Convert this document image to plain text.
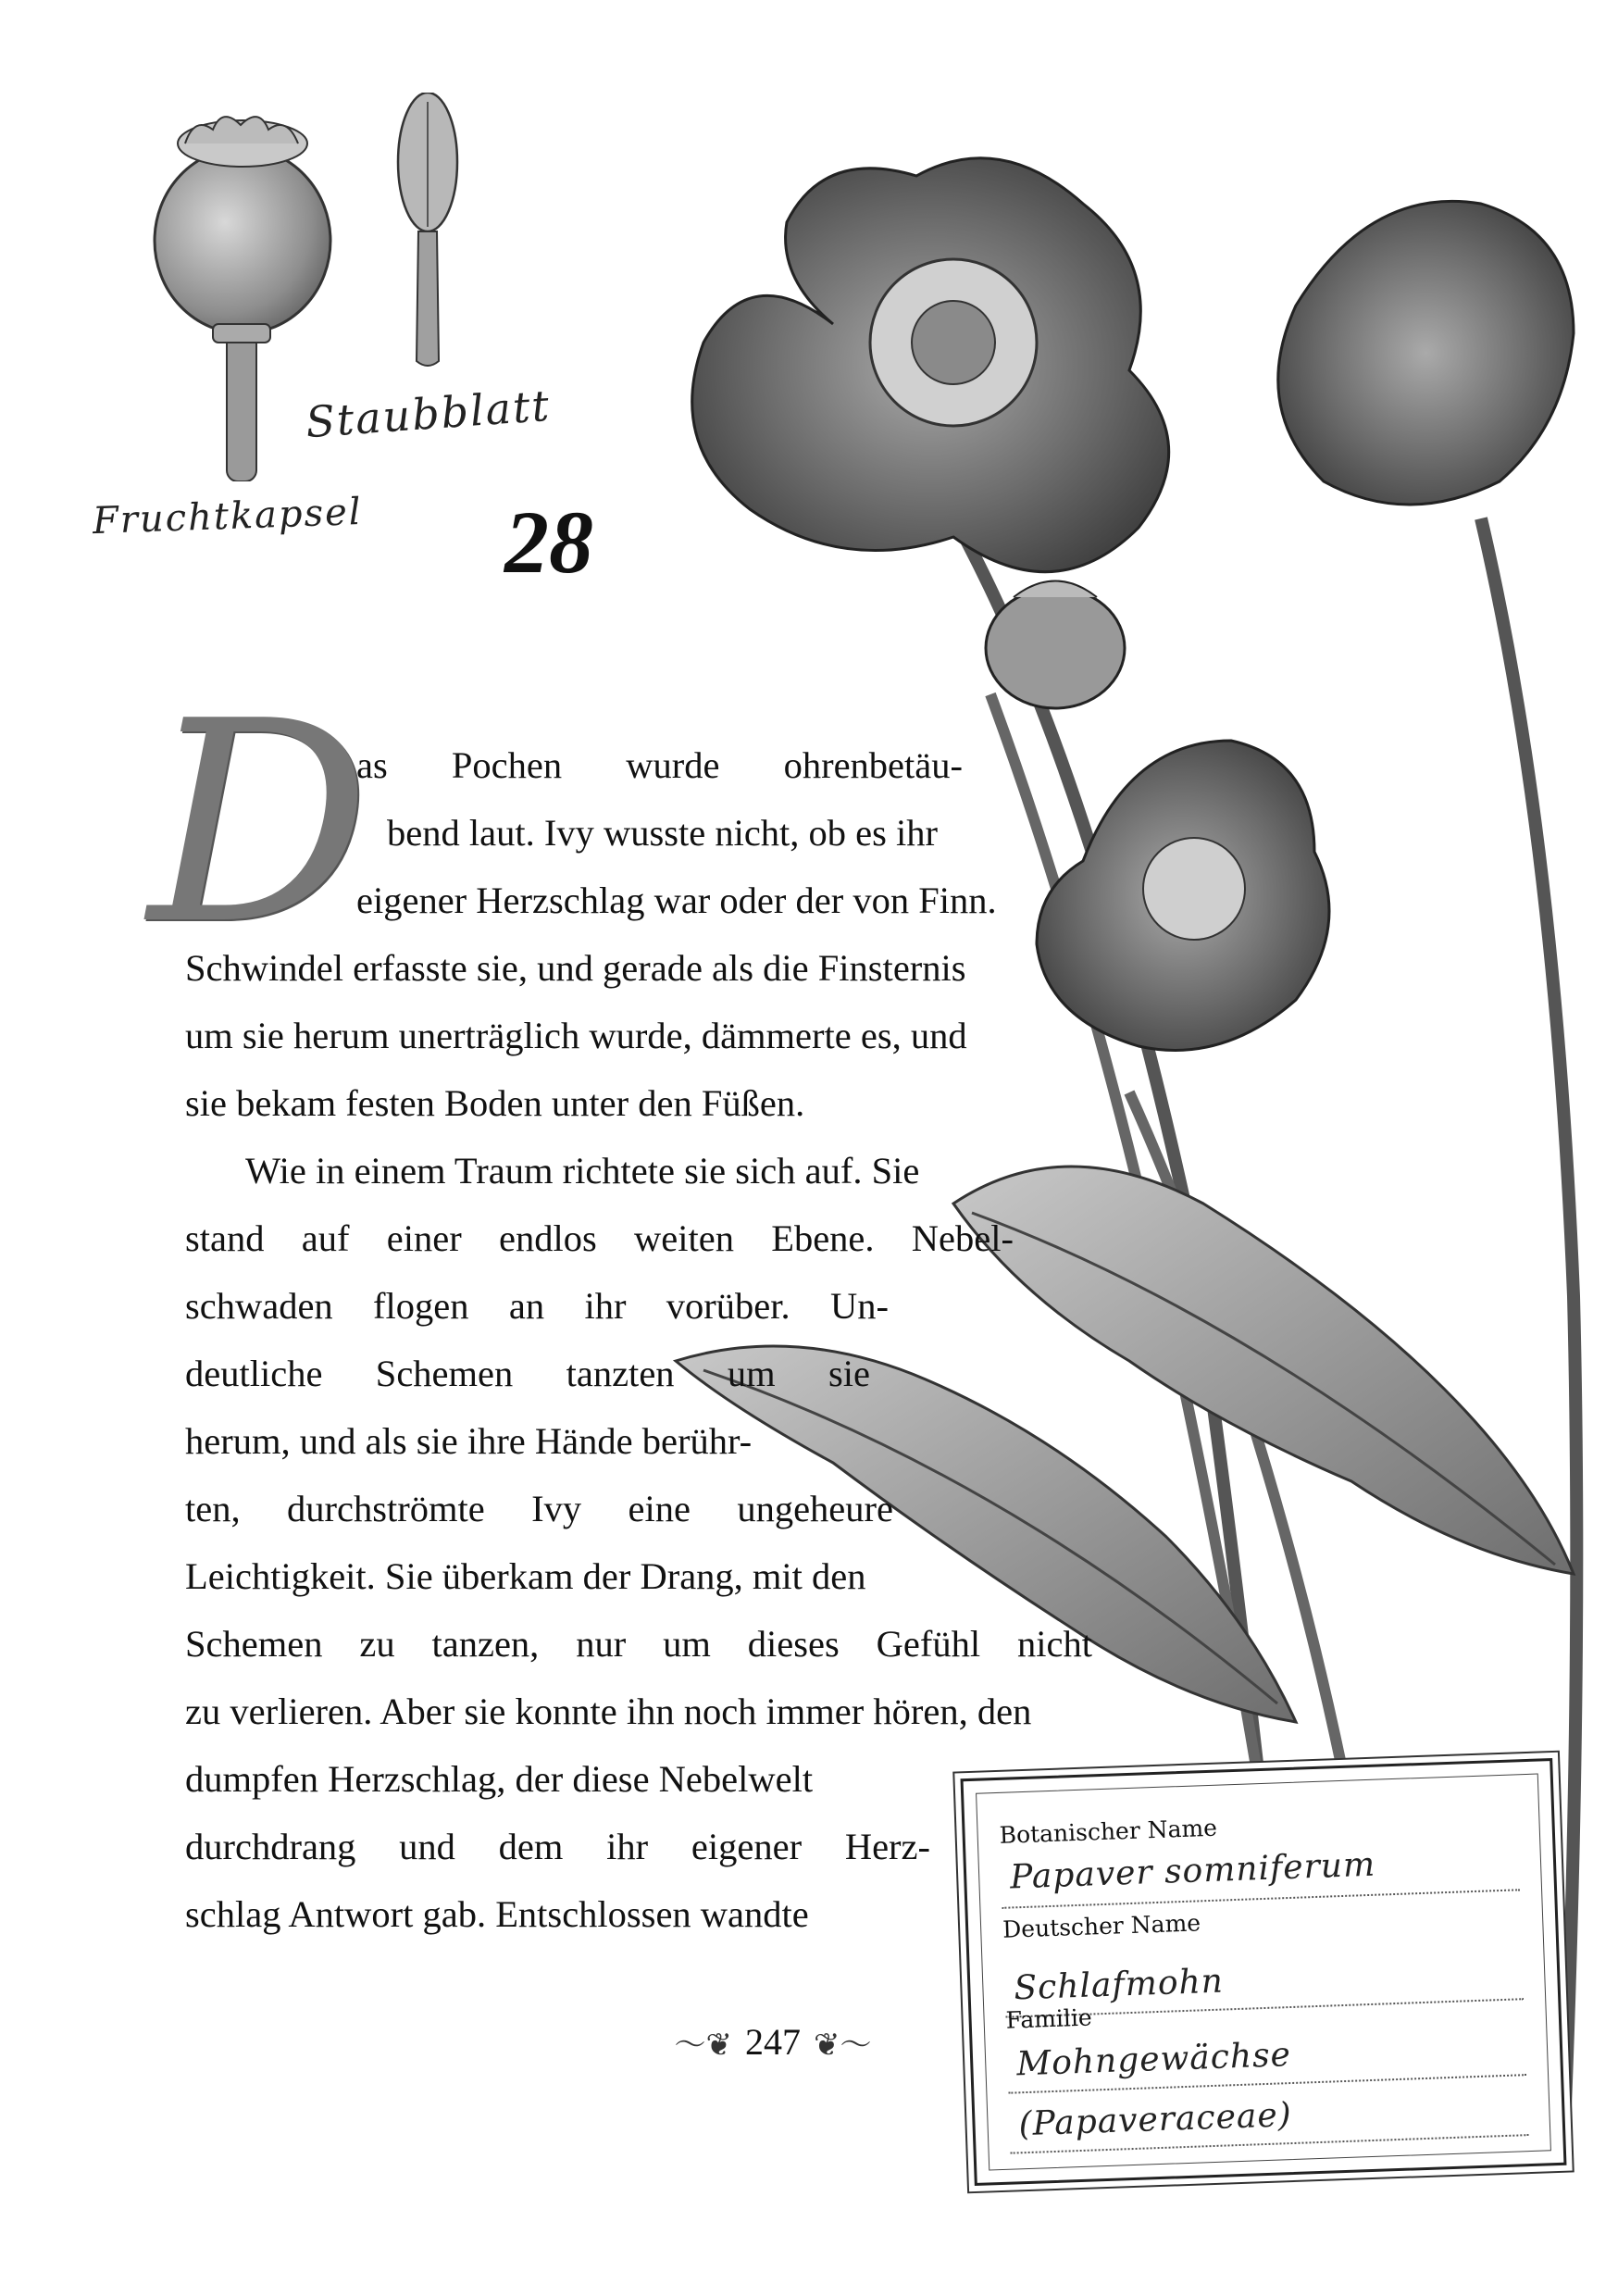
Staubblatt
Fruchtkapsel 28
D
as Pochen wurde ohrenbetäu-
bend laut. Ivy wusste nicht, ob es ihr
eigener Herzschlag war oder der von Finn.
Schwindel erfasste sie, und gerade als die Finsternis
um sie herum unerträglich wurde, dämmerte es, und
sie bekam festen Boden unter den Füßen.
Wie in einem Traum richtete sie sich auf. Sie
stand auf einer endlos weiten Ebene. Nebel-
schwaden flogen an ihr vorüber. Un-
deutliche Schemen tanzten um sie
herum, und als sie ihre Hände berühr-
ten, durchströmte Ivy eine ungeheure
Leichtigkeit. Sie überkam der Drang, mit den
Schemen zu tanzen, nur um dieses Gefühl nicht
zu verlieren. Aber sie konnte ihn noch immer hören, den
dumpfen Herzschlag, der diese Nebelwelt
durchdrang und dem ihr eigener Herz-
schlag Antwort gab. Entschlossen wandte
〜❦ 247 ❦〜
Botanischer Name
Papaver somniferum
Deutscher Name
Schlafmohn
Familie
Mohngewächse
(Papaveraceae)
